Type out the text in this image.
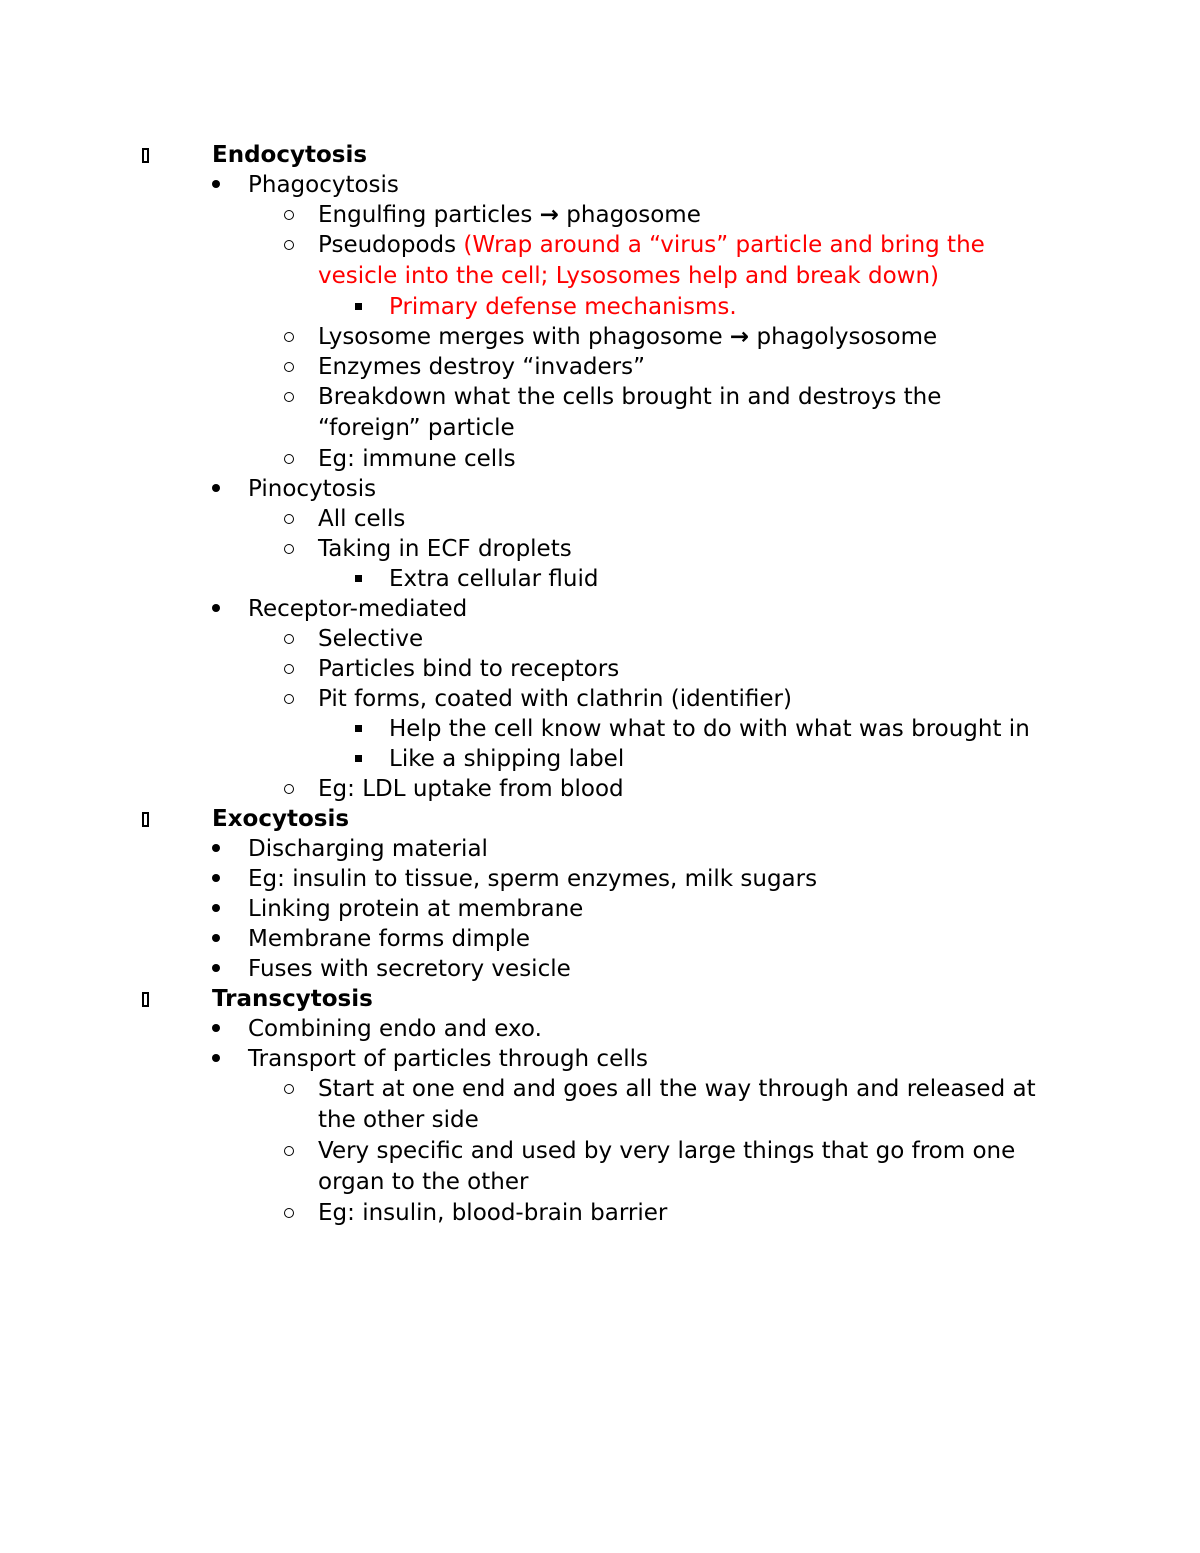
Endocytosis
Phagocytosis
Engulfing particles → phagosome
Pseudopods (Wrap around a “virus” particle and bring the vesicle into the cell; Lysosomes help and break down)
Primary defense mechanisms.
Lysosome merges with phagosome → phagolysosome
Enzymes destroy “invaders”
Breakdown what the cells brought in and destroys the “foreign” particle
Eg: immune cells
Pinocytosis
All cells
Taking in ECF droplets
Extra cellular fluid
Receptor-mediated
Selective
Particles bind to receptors
Pit forms, coated with clathrin (identifier)
Help the cell know what to do with what was brought in
Like a shipping label
Eg: LDL uptake from blood
Exocytosis
Discharging material
Eg: insulin to tissue, sperm enzymes, milk sugars
Linking protein at membrane
Membrane forms dimple
Fuses with secretory vesicle
Transcytosis
Combining endo and exo.
Transport of particles through cells
Start at one end and goes all the way through and released at the other side
Very specific and used by very large things that go from one organ to the other
Eg: insulin, blood-brain barrier
